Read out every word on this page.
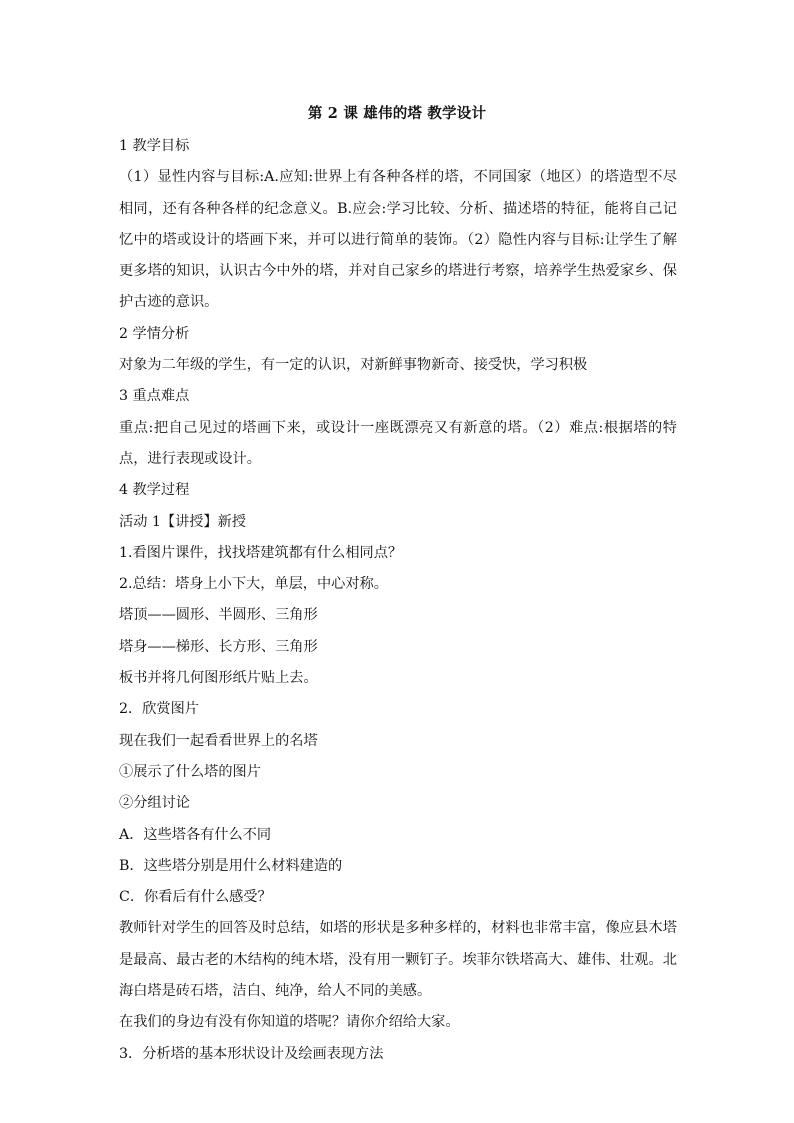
第 2 课 雄伟的塔 教学设计

1 教学目标

（1）显性内容与目标:A.应知:世界上有各种各样的塔，不同国家（地区）的塔造型不尽相同，还有各种各样的纪念意义。B.应会:学习比较、分析、描述塔的特征，能将自己记忆中的塔或设计的塔画下来，并可以进行简单的装饰。（2）隐性内容与目标:让学生了解更多塔的知识，认识古今中外的塔，并对自己家乡的塔进行考察，培养学生热爱家乡、保护古迹的意识。

2 学情分析

对象为二年级的学生，有一定的认识，对新鲜事物新奇、接受快，学习积极

3 重点难点

重点:把自己见过的塔画下来，或设计一座既漂亮又有新意的塔。（2）难点:根据塔的特点，进行表现或设计。

4 教学过程

活动 1【讲授】新授

1.看图片课件，找找塔建筑都有什么相同点？

2.总结：塔身上小下大，单层，中心对称。

塔顶——圆形、半圆形、三角形

塔身——梯形、长方形、三角形

板书并将几何图形纸片贴上去。

2．欣赏图片

现在我们一起看看世界上的名塔

①展示了什么塔的图片

②分组讨论

A．这些塔各有什么不同

B．这些塔分别是用什么材料建造的

C．你看后有什么感受？

教师针对学生的回答及时总结，如塔的形状是多种多样的，材料也非常丰富，像应县木塔是最高、最古老的木结构的纯木塔，没有用一颗钉子。埃菲尔铁塔高大、雄伟、壮观。北海白塔是砖石塔，洁白、纯净，给人不同的美感。

在我们的身边有没有你知道的塔呢？请你介绍给大家。

3．分析塔的基本形状设计及绘画表现方法
